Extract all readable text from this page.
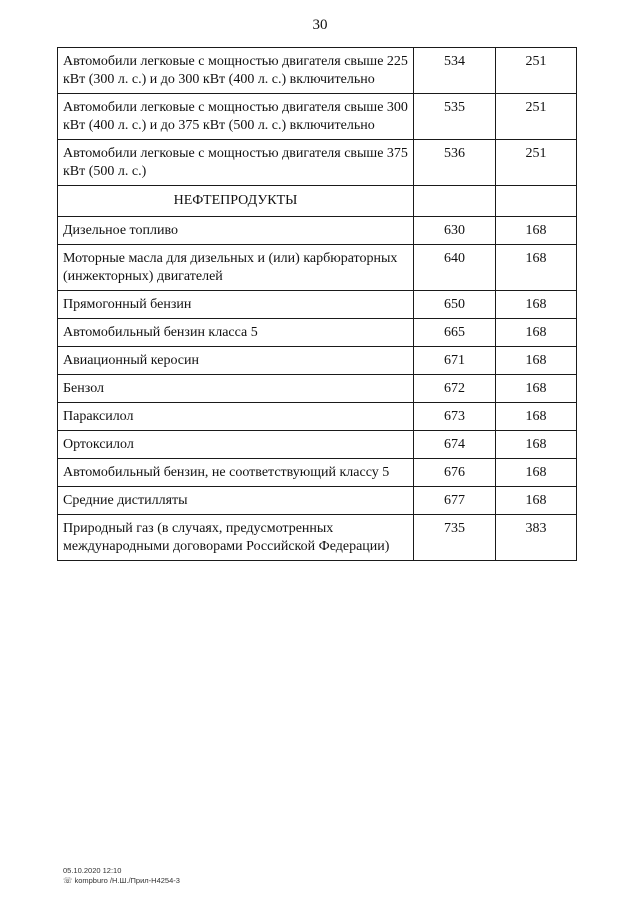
30
Автомобили легковые с мощностью двигателя свыше 225 кВт (300 л. с.) и до 300 кВт (400 л. с.) включительно	534	251
Автомобили легковые с мощностью двигателя свыше 300 кВт (400 л. с.) и до 375 кВт (500 л. с.) включительно	535	251
Автомобили легковые с мощностью двигателя свыше 375 кВт (500 л. с.)	536	251
НЕФТЕПРОДУКТЫ		
Дизельное топливо	630	168
Моторные масла для дизельных и (или) карбюраторных (инжекторных) двигателей	640	168
Прямогонный бензин	650	168
Автомобильный бензин класса 5	665	168
Авиационный керосин	671	168
Бензол	672	168
Параксилол	673	168
Ортоксилол	674	168
Автомобильный бензин, не соответствующий классу 5	676	168
Средние дистилляты	677	168
Природный газ (в случаях, предусмотренных международными договорами Российской Федерации)	735	383
05.10.2020 12:10
☏ kompburo /Н.Ш./Прил-Н4254-3
